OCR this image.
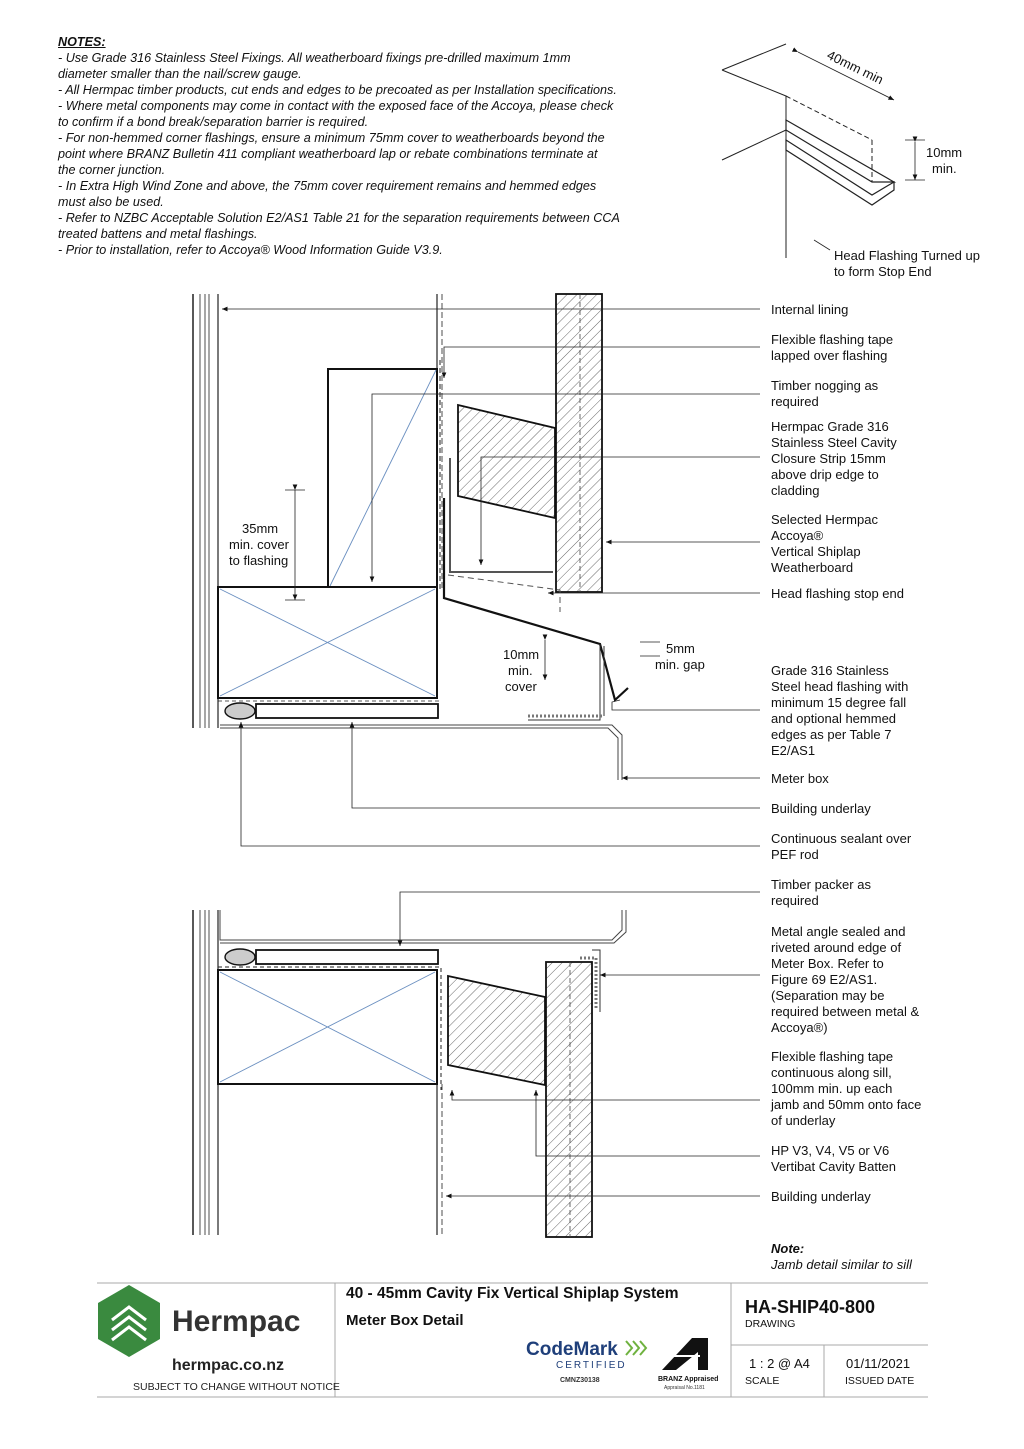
NOTES:
- Use Grade 316 Stainless Steel Fixings. All weatherboard fixings pre-drilled maximum 1mm
diameter smaller than the nail/screw gauge.
- All Hermpac timber products, cut ends and edges to be precoated as per Installation specifications.
- Where metal components may come in contact with the exposed face of the Accoya, please check
to confirm if a bond break/separation barrier is required.
- For non-hemmed corner flashings, ensure a minimum 75mm cover to weatherboards beyond the
point where BRANZ Bulletin 411 compliant weatherboard lap or rebate combinations terminate at
the corner junction.
- In Extra High Wind Zone and above, the 75mm cover requirement remains and hemmed edges
must also be used.
- Refer to NZBC Acceptable Solution E2/AS1 Table 21 for the separation requirements between CCA
treated battens and metal flashings.
- Prior to installation, refer to Accoya® Wood Information Guide V3.9.
40mm min
10mm
min.
Head Flashing Turned up
to form Stop End
35mm
min. cover
to flashing
10mm
min.
cover
5mm
min. gap
Internal lining
Flexible flashing tape
lapped over flashing
Timber nogging as
required
Hermpac Grade 316
Stainless Steel Cavity
Closure Strip 15mm
above drip edge to
cladding
Selected Hermpac
Accoya®
Vertical Shiplap
Weatherboard
Head flashing stop end
Grade 316 Stainless
Steel head flashing with
minimum 15 degree fall
and optional hemmed
edges as per Table 7
E2/AS1
Meter box
Building underlay
Continuous sealant over
PEF rod
Timber packer as
required
Metal angle sealed and
riveted around edge of
Meter Box. Refer to
Figure 69 E2/AS1.
(Separation may be
required between metal &
Accoya®)
Flexible flashing tape
continuous along sill,
100mm min. up each
jamb and 50mm onto face
of underlay
HP V3, V4, V5 or V6
Vertibat Cavity Batten
Building underlay
Note:
Jamb detail similar to sill
CodeMark
CERTIFIED
CMNZ30138	BRANZ Appraised
Appraisal No.1181
Hermpac
hermpac.co.nz
SUBJECT TO CHANGE WITHOUT NOTICE
40 - 45mm Cavity Fix Vertical Shiplap System
Meter Box Detail
HA-SHIP40-800
DRAWING
1 : 2 @ A4
SCALE
01/11/2021
ISSUED DATE
